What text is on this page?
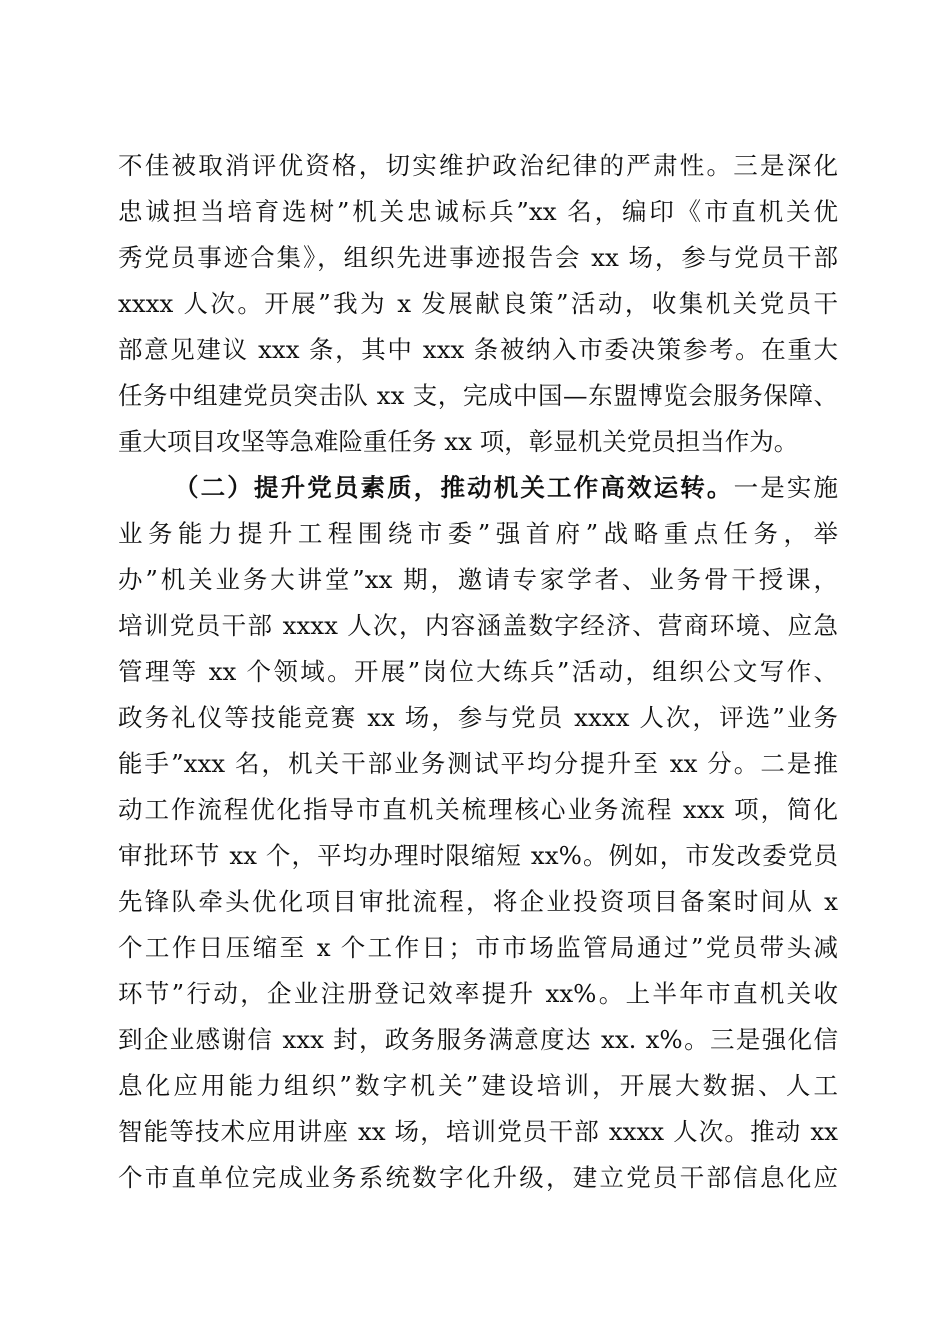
不佳被取消评优资格，切实维护政治纪律的严肃性。三是深化
忠诚担当培育选树”机关忠诚标兵”xx 名，编印《市直机关优
秀党员事迹合集》，组织先进事迹报告会 xx 场，参与党员干部
xxxx 人次。开展”我为 x 发展献良策”活动，收集机关党员干
部意见建议 xxx 条，其中 xxx 条被纳入市委决策参考。在重大
任务中组建党员突击队 xx 支，完成中国—东盟博览会服务保障、
重大项目攻坚等急难险重任务 xx 项，彰显机关党员担当作为。
（二）提升党员素质，推动机关工作高效运转。一是实施
业务能力提升工程围绕市委”强首府”战略重点任务，举
办”机关业务大讲堂”xx 期，邀请专家学者、业务骨干授课，
培训党员干部 xxxx 人次，内容涵盖数字经济、营商环境、应急
管理等 xx 个领域。开展”岗位大练兵”活动，组织公文写作、
政务礼仪等技能竞赛 xx 场，参与党员 xxxx 人次，评选”业务
能手”xxx 名，机关干部业务测试平均分提升至 xx 分。二是推
动工作流程优化指导市直机关梳理核心业务流程 xxx 项，简化
审批环节 xx 个，平均办理时限缩短 xx%。例如，市发改委党员
先锋队牵头优化项目审批流程，将企业投资项目备案时间从 x
个工作日压缩至 x 个工作日；市市场监管局通过”党员带头减
环节”行动，企业注册登记效率提升 xx%。上半年市直机关收
到企业感谢信 xxx 封，政务服务满意度达 xx. x%。三是强化信
息化应用能力组织”数字机关”建设培训，开展大数据、人工
智能等技术应用讲座 xx 场，培训党员干部 xxxx 人次。推动 xx
个市直单位完成业务系统数字化升级，建立党员干部信息化应
